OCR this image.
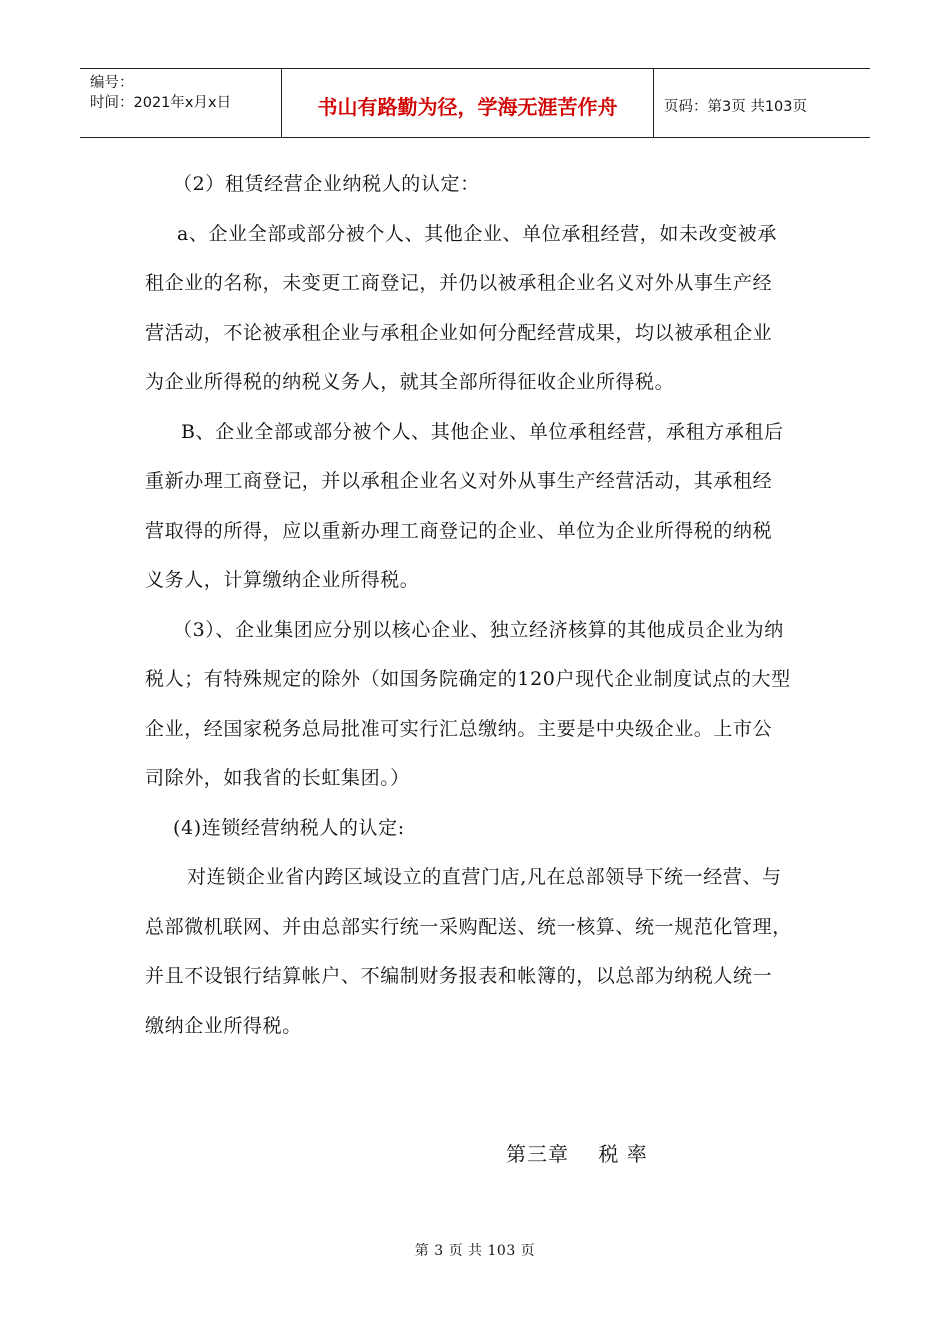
编号：
时间：2021年x月x日	书山有路勤为径，学海无涯苦作舟	页码：第3页 共103页
（2）租赁经营企业纳税人的认定：
a、企业全部或部分被个人、其他企业、单位承租经营，如未改变被承
租企业的名称，未变更工商登记，并仍以被承租企业名义对外从事生产经
营活动，不论被承租企业与承租企业如何分配经营成果，均以被承租企业
为企业所得税的纳税义务人，就其全部所得征收企业所得税。
B、企业全部或部分被个人、其他企业、单位承租经营，承租方承租后
重新办理工商登记，并以承租企业名义对外从事生产经营活动，其承租经
营取得的所得，应以重新办理工商登记的企业、单位为企业所得税的纳税
义务人，计算缴纳企业所得税。
（3）、企业集团应分别以核心企业、独立经济核算的其他成员企业为纳
税人；有特殊规定的除外（如国务院确定的120户现代企业制度试点的大型
企业，经国家税务总局批准可实行汇总缴纳。主要是中央级企业。上市公
司除外，如我省的长虹集团。）
(4)连锁经营纳税人的认定:
对连锁企业省内跨区域设立的直营门店,凡在总部领导下统一经营、与
总部微机联网、并由总部实行统一采购配送、统一核算、统一规范化管理，
并且不设银行结算帐户、不编制财务报表和帐簿的，以总部为纳税人统一
缴纳企业所得税。
第三章    税 率
第 3 页 共 103 页
